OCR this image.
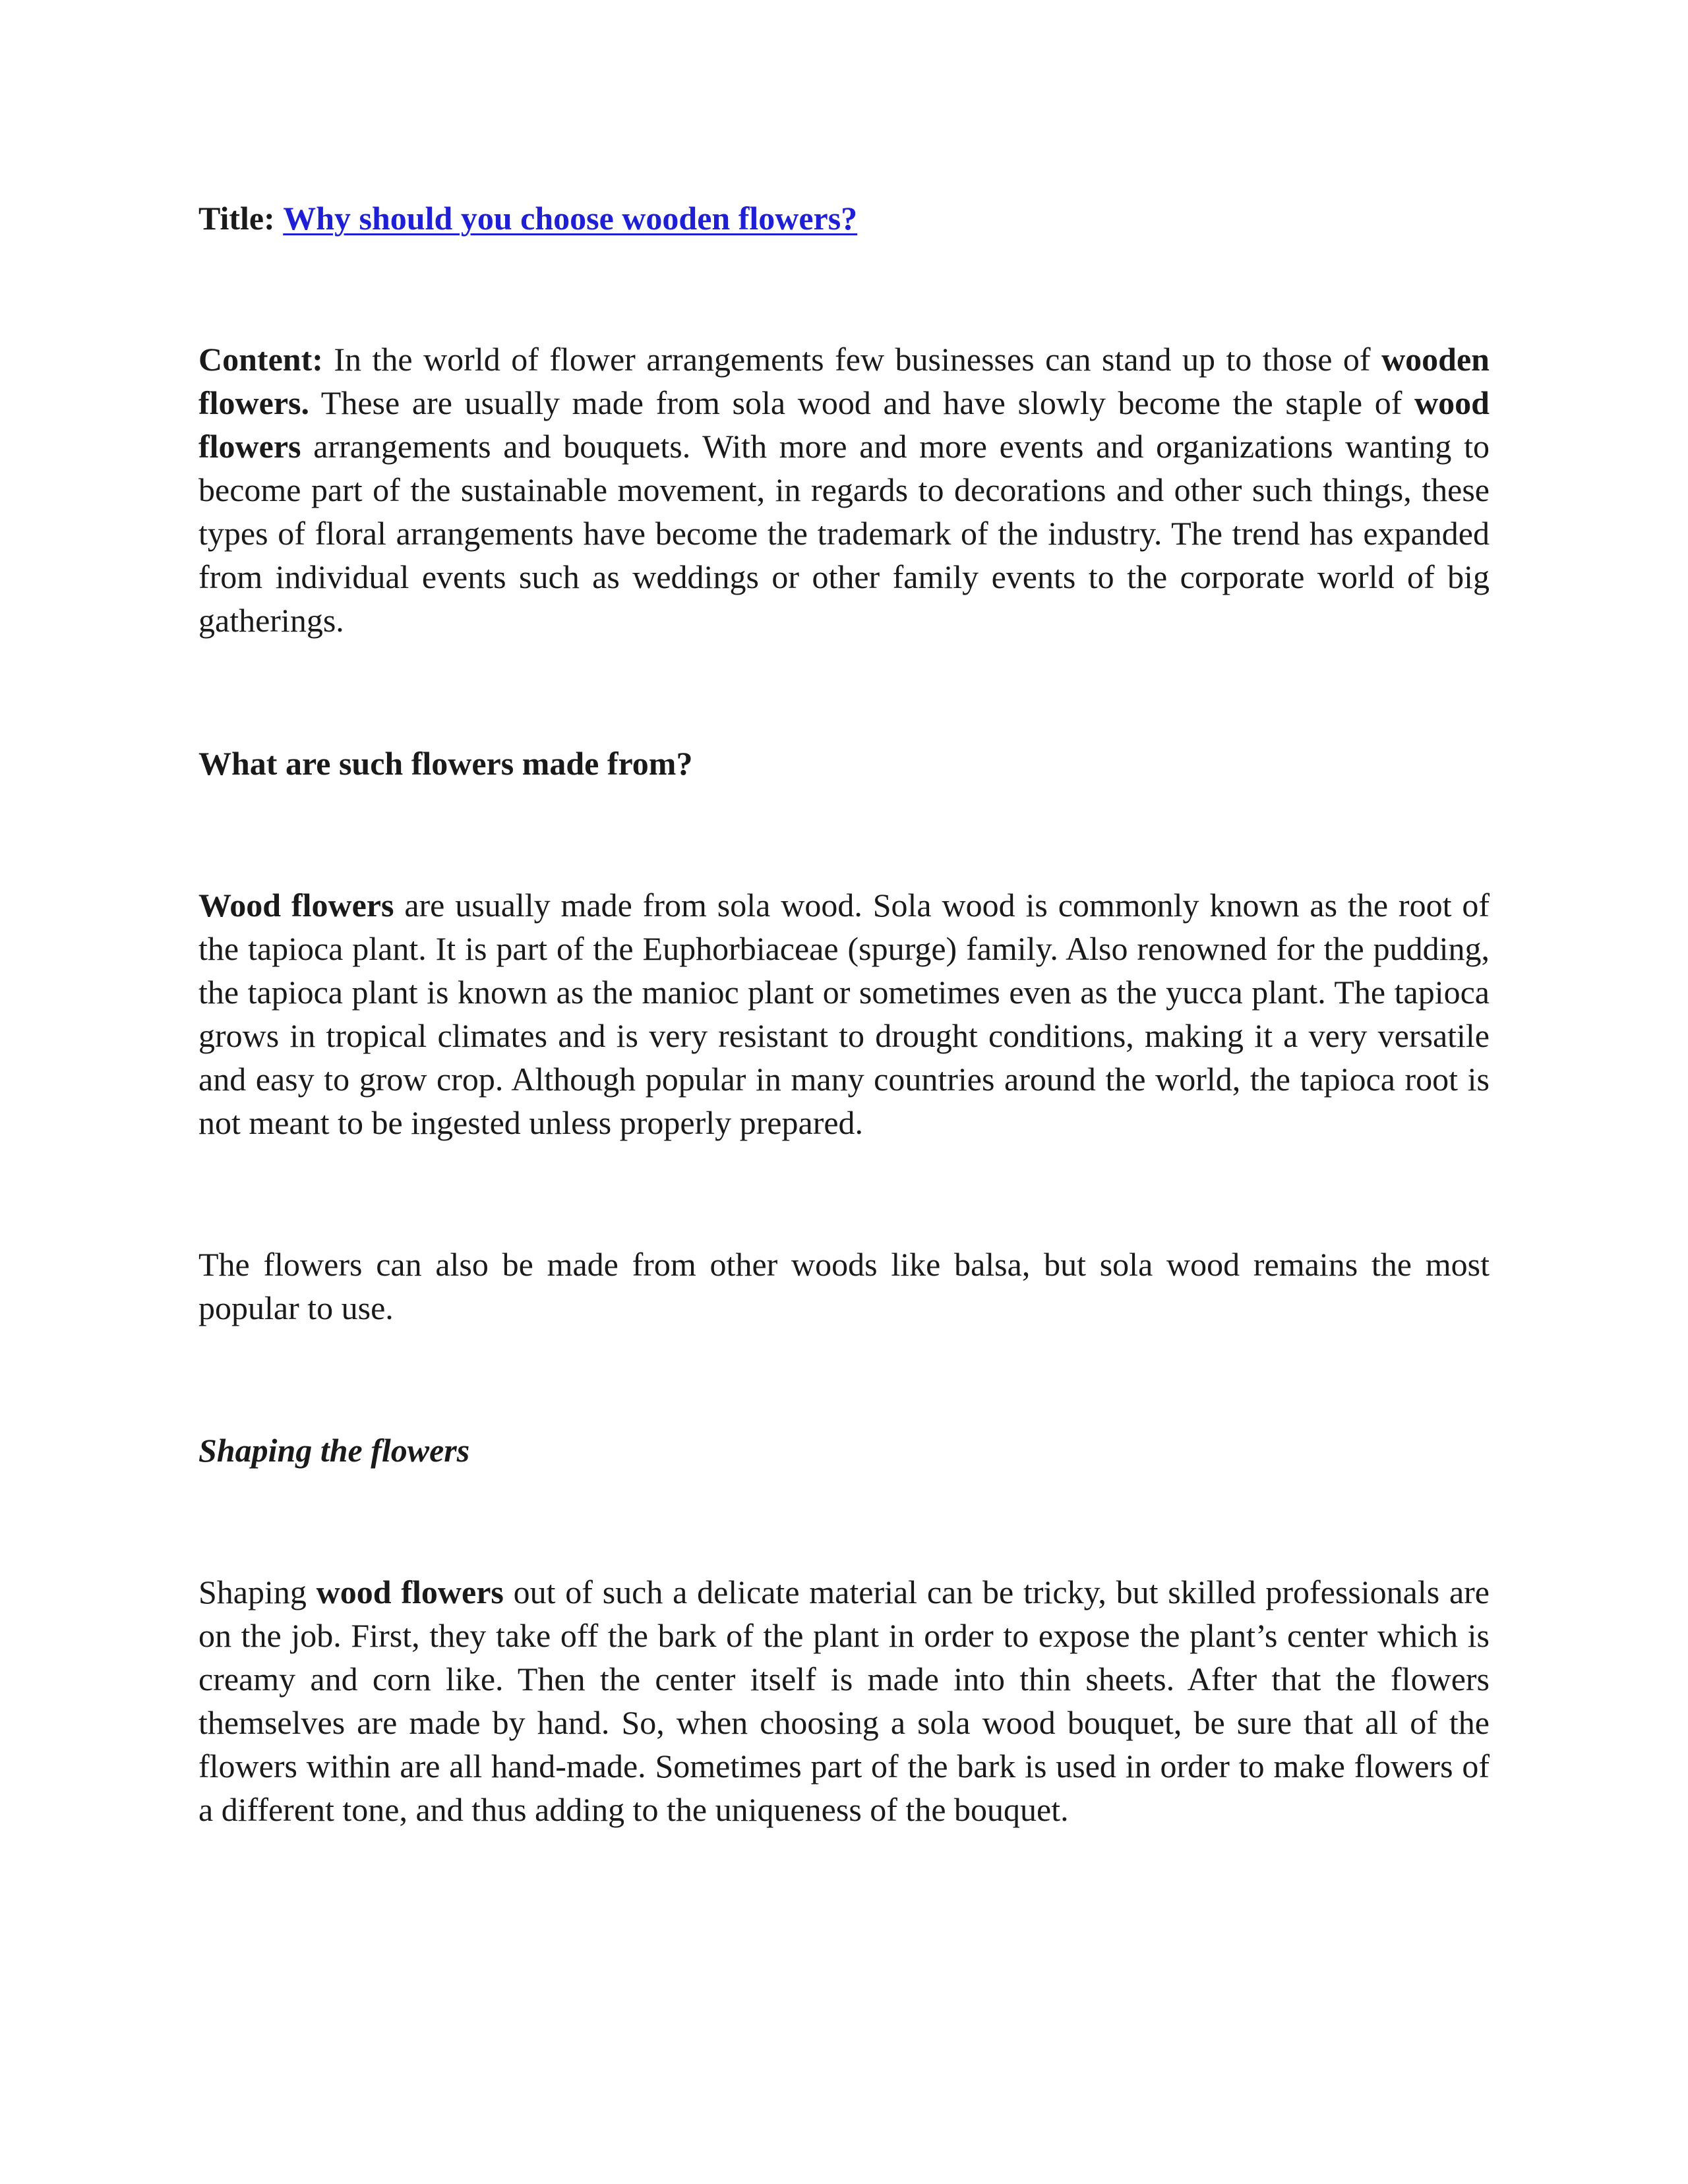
Title: Why should you choose wooden flowers?

Content: In the world of flower arrangements few businesses can stand up to those of wooden flowers. These are usually made from sola wood and have slowly become the staple of wood flowers arrangements and bouquets. With more and more events and organizations wanting to become part of the sustainable movement, in regards to decorations and other such things, these types of floral arrangements have become the trademark of the industry. The trend has expanded from individual events such as weddings or other family events to the corporate world of big gatherings.

What are such flowers made from?

Wood flowers are usually made from sola wood. Sola wood is commonly known as the root of the tapioca plant. It is part of the Euphorbiaceae (spurge) family. Also renowned for the pudding, the tapioca plant is known as the manioc plant or sometimes even as the yucca plant. The tapioca grows in tropical climates and is very resistant to drought conditions, making it a very versatile and easy to grow crop. Although popular in many countries around the world, the tapioca root is not meant to be ingested unless properly prepared.

The flowers can also be made from other woods like balsa, but sola wood remains the most popular to use.

Shaping the flowers

Shaping wood flowers out of such a delicate material can be tricky, but skilled professionals are on the job. First, they take off the bark of the plant in order to expose the plant’s center which is creamy and corn like. Then the center itself is made into thin sheets. After that the flowers themselves are made by hand. So, when choosing a sola wood bouquet, be sure that all of the flowers within are all hand-made. Sometimes part of the bark is used in order to make flowers of a different tone, and thus adding to the uniqueness of the bouquet.
